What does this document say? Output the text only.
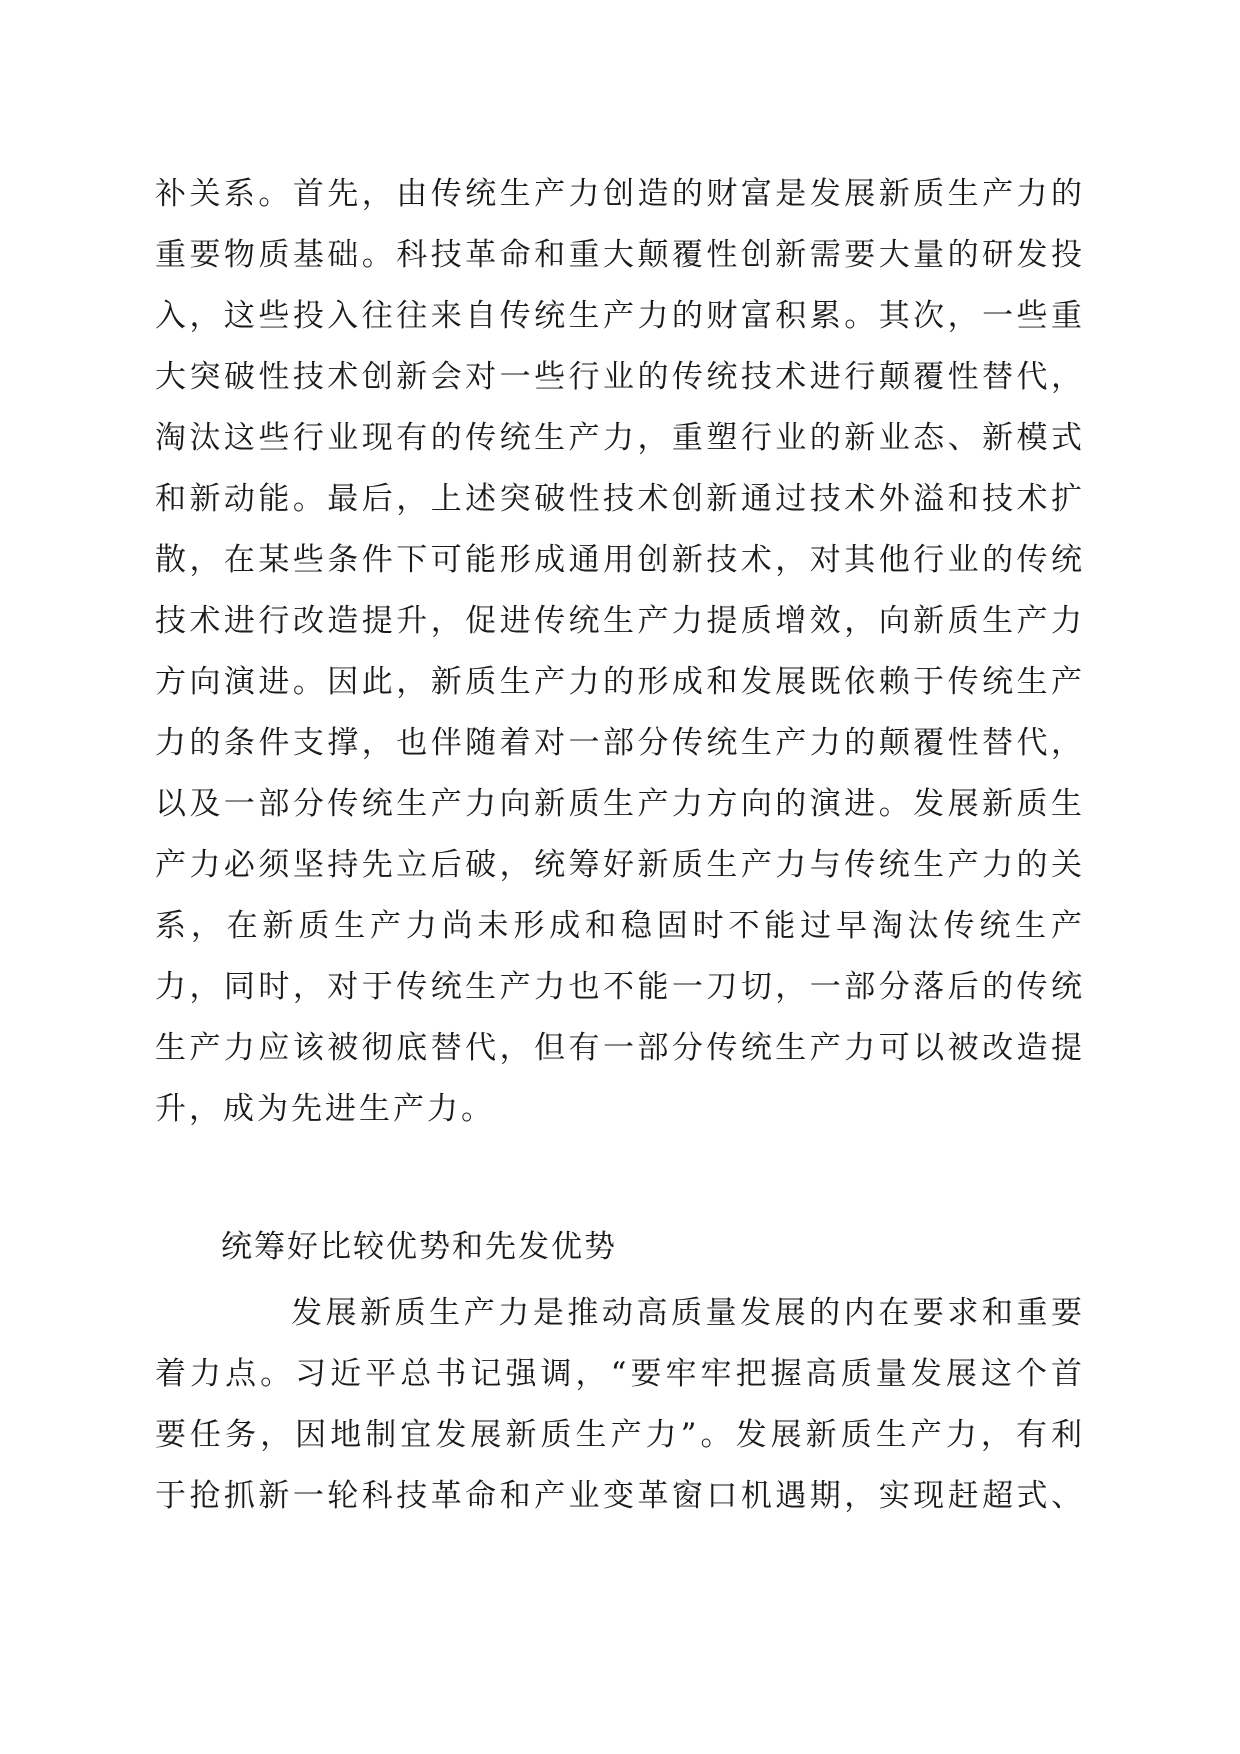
补关系。首先，由传统生产力创造的财富是发展新质生产力的
重要物质基础。科技革命和重大颠覆性创新需要大量的研发投
入，这些投入往往来自传统生产力的财富积累。其次，一些重
大突破性技术创新会对一些行业的传统技术进行颠覆性替代，
淘汰这些行业现有的传统生产力，重塑行业的新业态、新模式
和新动能。最后，上述突破性技术创新通过技术外溢和技术扩
散，在某些条件下可能形成通用创新技术，对其他行业的传统
技术进行改造提升，促进传统生产力提质增效，向新质生产力
方向演进。因此，新质生产力的形成和发展既依赖于传统生产
力的条件支撑，也伴随着对一部分传统生产力的颠覆性替代，
以及一部分传统生产力向新质生产力方向的演进。发展新质生
产力必须坚持先立后破，统筹好新质生产力与传统生产力的关
系，在新质生产力尚未形成和稳固时不能过早淘汰传统生产
力，同时，对于传统生产力也不能一刀切，一部分落后的传统
生产力应该被彻底替代，但有一部分传统生产力可以被改造提
升，成为先进生产力。
统筹好比较优势和先发优势
发展新质生产力是推动高质量发展的内在要求和重要
着力点。习近平总书记强调，“要牢牢把握高质量发展这个首
要任务，因地制宜发展新质生产力”。发展新质生产力，有利
于抢抓新一轮科技革命和产业变革窗口机遇期，实现赶超式、
